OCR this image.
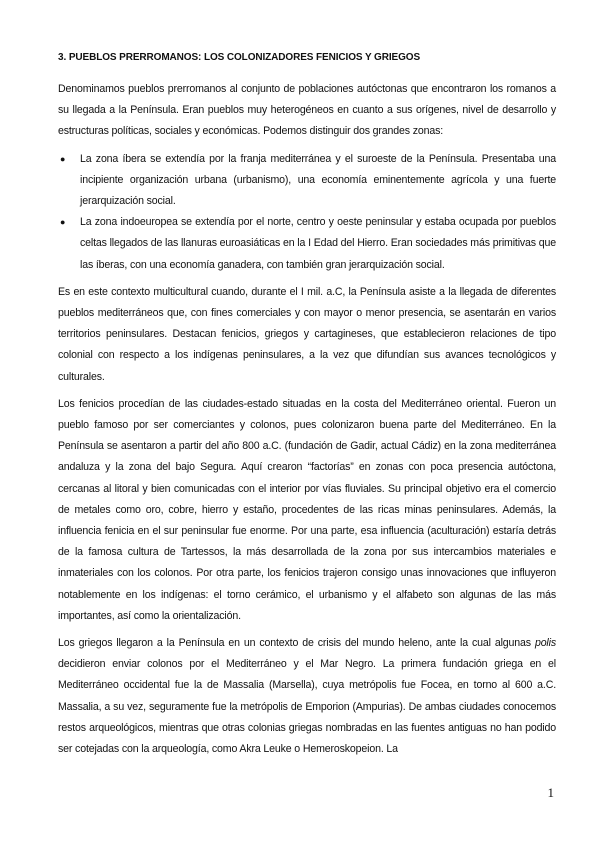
3. PUEBLOS PRERROMANOS: LOS COLONIZADORES FENICIOS Y GRIEGOS

Denominamos pueblos prerromanos al conjunto de poblaciones autóctonas que encontraron los romanos a su llegada a la Península. Eran pueblos muy heterogéneos en cuanto a sus orígenes, nivel de desarrollo y estructuras políticas, sociales y económicas. Podemos distinguir dos grandes zonas:

● La zona íbera se extendía por la franja mediterránea y el suroeste de la Península. Presentaba una incipiente organización urbana (urbanismo), una economía eminentemente agrícola y una fuerte jerarquización social.
● La zona indoeuropea se extendía por el norte, centro y oeste peninsular y estaba ocupada por pueblos celtas llegados de las llanuras euroasiáticas en la I Edad del Hierro. Eran sociedades más primitivas que las íberas, con una economía ganadera, con también gran jerarquización social.

Es en este contexto multicultural cuando, durante el I mil. a.C, la Península asiste a la llegada de diferentes pueblos mediterráneos que, con fines comerciales y con mayor o menor presencia, se asentarán en varios territorios peninsulares. Destacan fenicios, griegos y cartagineses, que establecieron relaciones de tipo colonial con respecto a los indígenas peninsulares, a la vez que difundían sus avances tecnológicos y culturales.

Los fenicios procedían de las ciudades-estado situadas en la costa del Mediterráneo oriental. Fueron un pueblo famoso por ser comerciantes y colonos, pues colonizaron buena parte del Mediterráneo. En la Península se asentaron a partir del año 800 a.C. (fundación de Gadir, actual Cádiz) en la zona mediterránea andaluza y la zona del bajo Segura. Aquí crearon “factorías” en zonas con poca presencia autóctona, cercanas al litoral y bien comunicadas con el interior por vías fluviales. Su principal objetivo era el comercio de metales como oro, cobre, hierro y estaño, procedentes de las ricas minas peninsulares. Además, la influencia fenicia en el sur peninsular fue enorme. Por una parte, esa influencia (aculturación) estaría detrás de la famosa cultura de Tartessos, la más desarrollada de la zona por sus intercambios materiales e inmateriales con los colonos. Por otra parte, los fenicios trajeron consigo unas innovaciones que influyeron notablemente en los indígenas: el torno cerámico, el urbanismo y el alfabeto son algunas de las más importantes, así como la orientalización.

Los griegos llegaron a la Península en un contexto de crisis del mundo heleno, ante la cual algunas polis decidieron enviar colonos por el Mediterráneo y el Mar Negro. La primera fundación griega en el Mediterráneo occidental fue la de Massalia (Marsella), cuya metrópolis fue Focea, en torno al 600 a.C. Massalia, a su vez, seguramente fue la metrópolis de Emporion (Ampurias). De ambas ciudades conocemos restos arqueológicos, mientras que otras colonias griegas nombradas en las fuentes antiguas no han podido ser cotejadas con la arqueología, como Akra Leuke o Hemeroskopeion. La

1
